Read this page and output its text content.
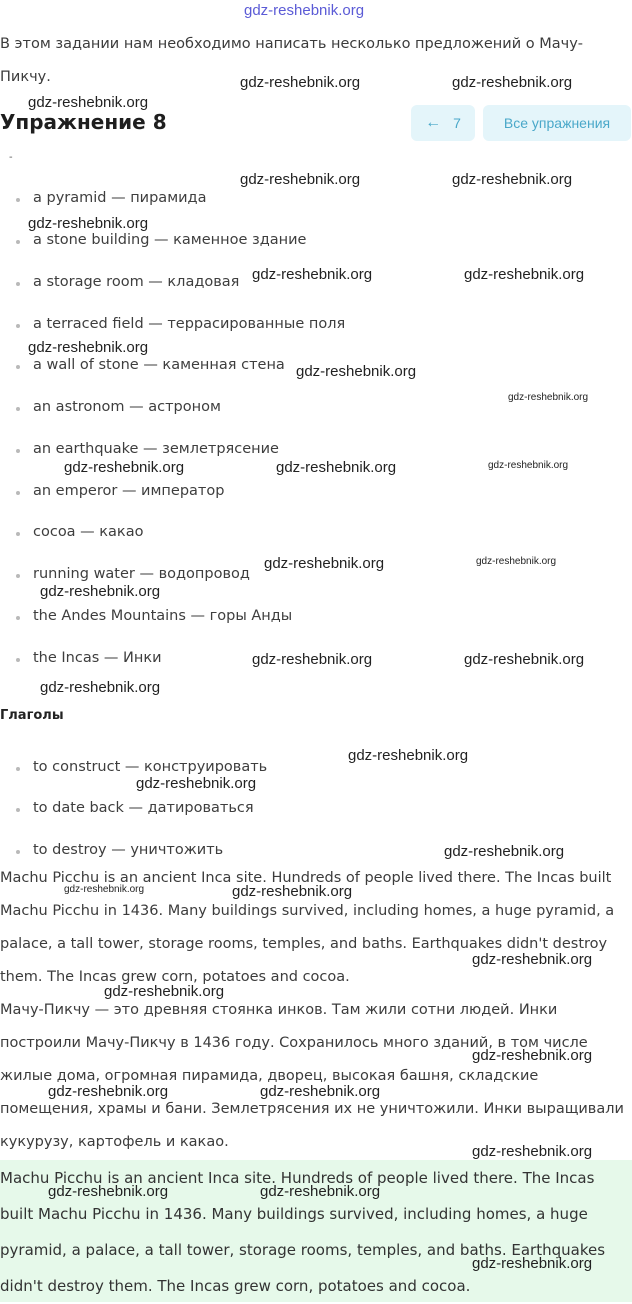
В этом задании нам необходимо написать несколько предложений о Мачу-Пикчу.
Упражнение 8	← 7	Все упражнения
-
a pyramid — пирамида
a stone building — каменное здание
a storage room — кладовая
a terraced field — террасированные поля
a wall of stone — каменная стена
an astronom — астроном
an earthquake — землетрясение
an emperor — император
cocoa — какао
running water — водопровод
the Andes Mountains — горы Анды
the Incas — Инки
Глаголы
to construct — конструировать
to date back — датироваться
to destroy — уничтожить
Machu Picchu is an ancient Inca site. Hundreds of people lived there. The Incas built Machu Picchu in 1436. Many buildings survived, including homes, a huge pyramid, a palace, a tall tower, storage rooms, temples, and baths. Earthquakes didn't destroy them. The Incas grew corn, potatoes and cocoa.
Мачу-Пикчу — это древняя стоянка инков. Там жили сотни людей. Инки построили Мачу-Пикчу в 1436 году. Сохранилось много зданий, в том числе жилые дома, огромная пирамида, дворец, высокая башня, складские помещения, храмы и бани. Землетрясения их не уничтожили. Инки выращивали кукурузу, картофель и какао.
Machu Picchu is an ancient Inca site. Hundreds of people lived there. The Incas built Machu Picchu in 1436. Many buildings survived, including homes, a huge pyramid, a palace, a tall tower, storage rooms, temples, and baths. Earthquakes didn't destroy them. The Incas grew corn, potatoes and cocoa.
gdz-reshebnik.org
gdz-reshebnik.org	gdz-reshebnik.org
gdz-reshebnik.org
gdz-reshebnik.org	gdz-reshebnik.org
gdz-reshebnik.org
gdz-reshebnik.org	gdz-reshebnik.org
gdz-reshebnik.org
gdz-reshebnik.org
gdz-reshebnik.org
gdz-reshebnik.org	gdz-reshebnik.org	gdz-reshebnik.org
gdz-reshebnik.org	gdz-reshebnik.org
gdz-reshebnik.org
gdz-reshebnik.org	gdz-reshebnik.org
gdz-reshebnik.org
gdz-reshebnik.org
gdz-reshebnik.org
gdz-reshebnik.org
gdz-reshebnik.org	gdz-reshebnik.org
gdz-reshebnik.org
gdz-reshebnik.org
gdz-reshebnik.org
gdz-reshebnik.org	gdz-reshebnik.org
gdz-reshebnik.org
gdz-reshebnik.org	gdz-reshebnik.org
gdz-reshebnik.org
